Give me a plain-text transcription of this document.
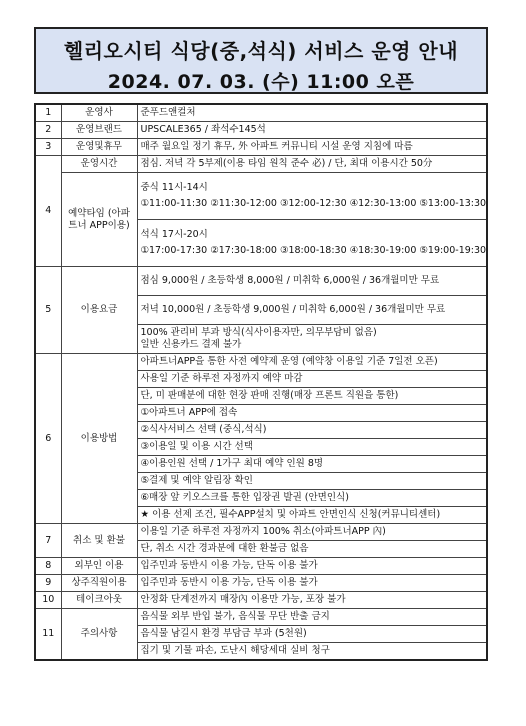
헬리오시티 식당(중,석식) 서비스 운영 안내
2024. 07. 03. (수) 11:00 오픈
1	운영사	준푸드앤컬처
2	운영브랜드	UPSCALE365 / 좌석수145석
3	운영및휴무	매주 월요일 정기 휴무, 外 아파트 커뮤니티 시설 운영 지침에 따름
4	운영시간	점심. 저녁 각 5부제(이용 타임 원칙 준수 必) / 단, 최대 이용시간 50分
	예약타임 (아파트너 APP이용)	중식 11시-14시
①11:00-11:30 ②11:30-12:00 ③12:00-12:30 ④12:30-13:00 ⑤13:00-13:30

		석식 17시-20시
①17:00-17:30 ②17:30-18:00 ③18:00-18:30 ④18:30-19:00 ⑤19:00-19:30

5	이용요금	점심 9,000원 / 초등학생 8,000원 / 미취학 6,000원 / 36개월미만 무료
		저녁 10,000원 / 초등학생 9,000원 / 미취학 6,000원 / 36개월미만 무료

		100% 관리비 부과 방식(식사이용자만, 의무부담비 없음)
일반 신용카드 결제 불가

6	이용방법	아파트너APP을 통한 사전 예약제 운영 (예약창 이용일 기준 7일전 오픈)
		사용일 기준 하루전 자정까지 예약 마감
		단, 미 판매분에 대한 현장 판매 진행(매장 프론트 직원을 통한)
		①아파트너 APP에 접속
		②식사서비스 선택 (중식,석식)
		③이용일 및 이용 시간 선택
		④이용인원 선택 / 1가구 최대 예약 인원 8명
		⑤결제 및 예약 알림장 확인
		⑥매장 앞 키오스크를 통한 입장권 발권 (안면인식)
		★ 이용 선제 조건, 필수APP설치 및 아파트 안면인식 신청(커뮤니티센터)
7	취소 및 환불	이용일 기준 하루전 자정까지 100% 취소(아파트너APP 內)
		단, 취소 시간 경과분에 대한 환불금 없음
8	외부인 이용	입주민과 동반시 이용 가능, 단독 이용 불가
9	상주직원이용	입주민과 동반시 이용 가능, 단독 이용 불가
10	테이크아웃	안정화 단계전까지 매장內 이용만 가능, 포장 불가
11	주의사항	음식물 외부 반입 불가, 음식물 무단 반출 금지
		음식물 남길시 환경 부담금 부과 (5천원)
		집기 및 기물 파손, 도난시 해당세대 실비 청구
